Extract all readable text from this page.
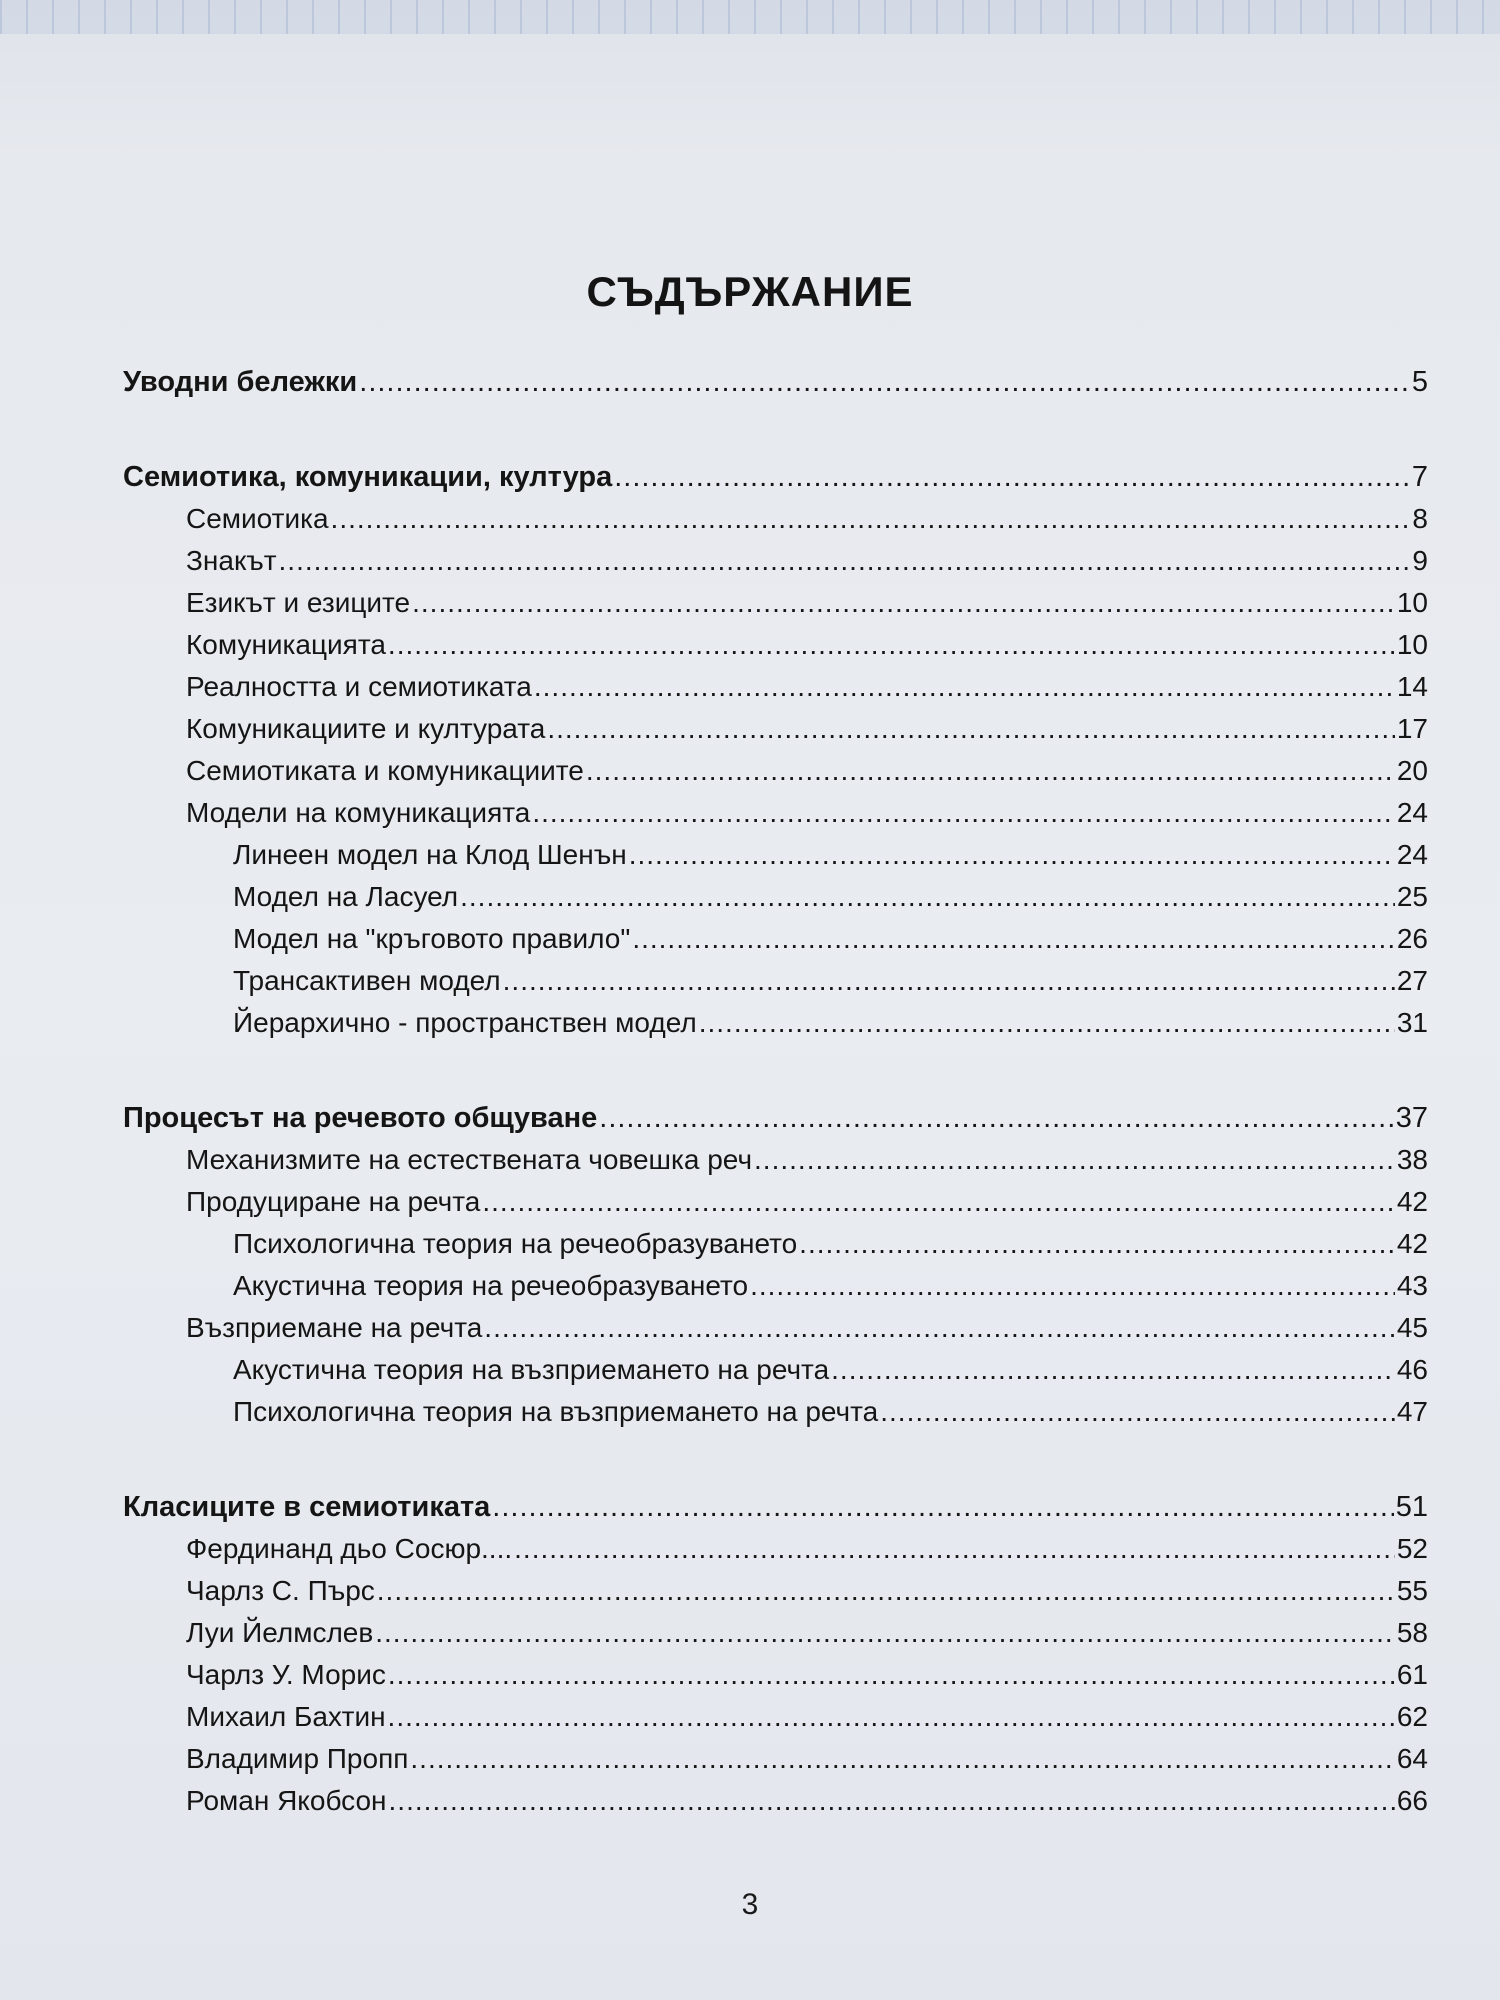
СЪДЪРЖАНИЕ
Уводни бележки .....	5
Семиотика, комуникации, култура .....	7
Семиотика .....	8
Знакът .....	9
Езикът и езиците .....	10
Комуникацията .....	10
Реалността и семиотиката .....	14
Комуникациите и културата .....	17
Семиотиката и комуникациите .....	20
Модели на комуникацията .....	24
Линеен модел на Клод Шенън .....	24
Модел на Ласуел .....	25
Модел на "кръговото правило" .....	26
Трансактивен модел .....	27
Йерархично - пространствен модел .....	31
Процесът на речевото общуване .....	37
Механизмите на естествената човешка реч .....	38
Продуциране на речта .....	42
Психологична теория на речеобразуването .....	42
Акустична теория на речеобразуването .....	43
Възприемане на речта .....	45
Акустична теория на възприемането на речта .....	46
Психологична теория на възприемането на речта .....	47
Класиците в семиотиката .....	51
Фердинанд дьо Сосюр.... .....	52
Чарлз С. Пърс .....	55
Луи Йелмслев .....	58
Чарлз У. Морис .....	61
Михаил Бахтин .....	62
Владимир Пропп .....	64
Роман Якобсон .....	66
3
